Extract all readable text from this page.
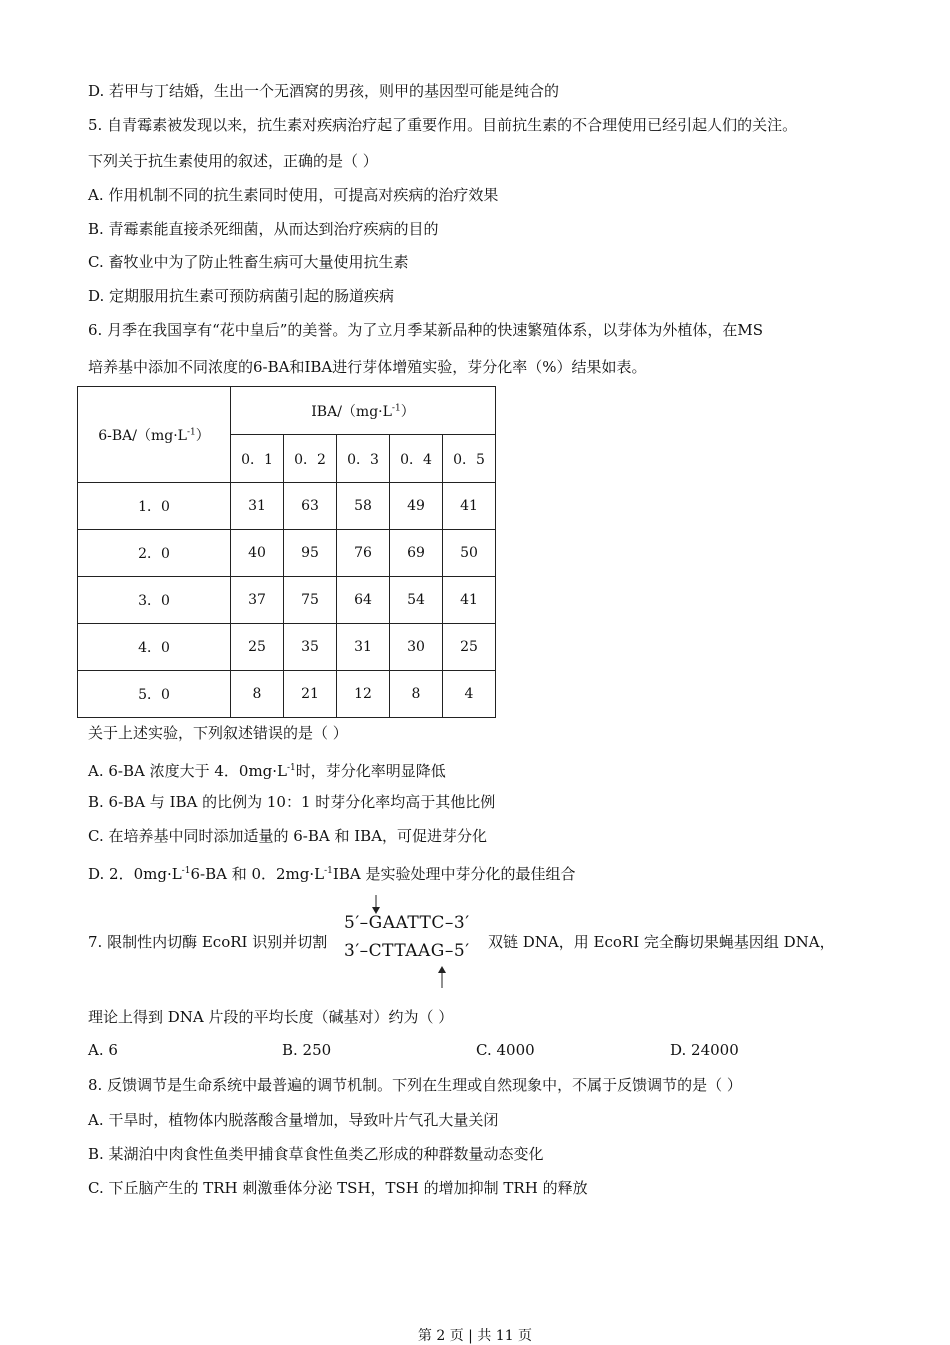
D. 若甲与丁结婚，生出一个无酒窝的男孩，则甲的基因型可能是纯合的
5. 自青霉素被发现以来，抗生素对疾病治疗起了重要作用。目前抗生素的不合理使用已经引起人们的关注。
下列关于抗生素使用的叙述，正确的是（ ）
A. 作用机制不同的抗生素同时使用，可提高对疾病的治疗效果
B. 青霉素能直接杀死细菌，从而达到治疗疾病的目的
C. 畜牧业中为了防止牲畜生病可大量使用抗生素
D. 定期服用抗生素可预防病菌引起的肠道疾病
6. 月季在我国享有“花中皇后”的美誉。为了立月季某新品种的快速繁殖体系，以芽体为外植体，在MS
培养基中添加不同浓度的6-BA和IBA进行芽体增殖实验，芽分化率（%）结果如表。
$6-BA/(mg\cdot L^{-1})$	IBA/$(mg\cdot L^{-1})$				
	0．1	0．2	0．3	0．4	0．5
1．0	31	63	58	49	41
2．0	40	95	76	69	50
3．0	37	75	64	54	41
4．0	25	35	31	30	25
5．0	8	21	12	8	4
关于上述实验，下列叙述错误的是（ ）
A. 6-BA 浓度大于 4．$0mg\cdot L^{-1}$时，芽分化率明显降低
B. 6-BA 与 IBA 的比例为 10：1 时芽分化率均高于其他比例
C. 在培养基中同时添加适量的 6-BA 和 IBA，可促进芽分化
D. 2．$0mg\cdot L^{-1}6-BA$ 和 0．$2mg\cdot L^{-1}IBA$ 是实验处理中芽分化的最佳组合
7. 限制性内切酶 EcoRI 识别并切割
5′–GAATTC–3′
3′–CTTAAG–5′ 双链 DNA，用 EcoRI 完全酶切果蝇基因组 DNA，
理论上得到 DNA 片段的平均长度（碱基对）约为（ ）
A. 6	B. 250	C. 4000	D. 24000
8. 反馈调节是生命系统中最普遍的调节机制。下列在生理或自然现象中，不属于反馈调节的是（ ）
A. 干旱时，植物体内脱落酸含量增加，导致叶片气孔大量关闭
B. 某湖泊中肉食性鱼类甲捕食草食性鱼类乙形成的种群数量动态变化
C. 下丘脑产生的 TRH 刺激垂体分泌 TSH，TSH 的增加抑制 TRH 的释放
第 2 页 | 共 11 页
